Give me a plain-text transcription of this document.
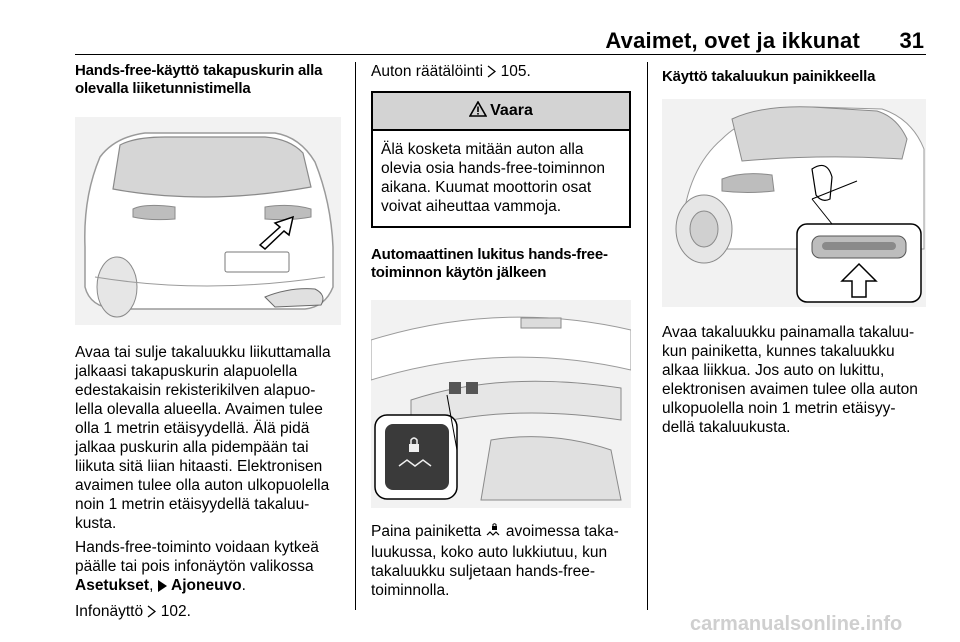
Avaimet, ovet ja ikkunat	31

Hands-free-käyttö takapuskurin alla olevalla liiketunnistimella

Avaa tai sulje takaluukku liikuttamalla jalkaasi takapuskurin alapuolella edestakaisin rekisterikilven alapuo-lella olevalla alueella. Avaimen tulee olla 1 metrin etäisyydellä. Älä pidä jalkaa puskurin alla pidempään tai liikuta sitä liian hitaasti. Elektronisen avaimen tulee olla auton ulkopuolella noin 1 metrin etäisyydellä takaluu-kusta.

Hands-free-toiminto voidaan kytkeä päälle tai pois infonäytön valikossa Asetukset,  Ajoneuvo.

Infonäyttö  102.

Auton räätälöinti  105.

Vaara
Älä kosketa mitään auton alla olevia osia hands-free-toiminnon aikana. Kuumat moottorin osat voivat aiheuttaa vammoja.

Automaattinen lukitus hands-free-toiminnon käytön jälkeen

Paina painiketta  avoimessa taka-luukussa, koko auto lukkiutuu, kun takaluukku suljetaan hands-free-toiminnolla.

Käyttö takaluukun painikkeella

Avaa takaluukku painamalla takaluu-kun painiketta, kunnes takaluukku alkaa liikkua. Jos auto on lukittu, elektronisen avaimen tulee olla auton ulkopuolella noin 1 metrin etäisyy-dellä takaluukusta.

carmanualsonline.info
